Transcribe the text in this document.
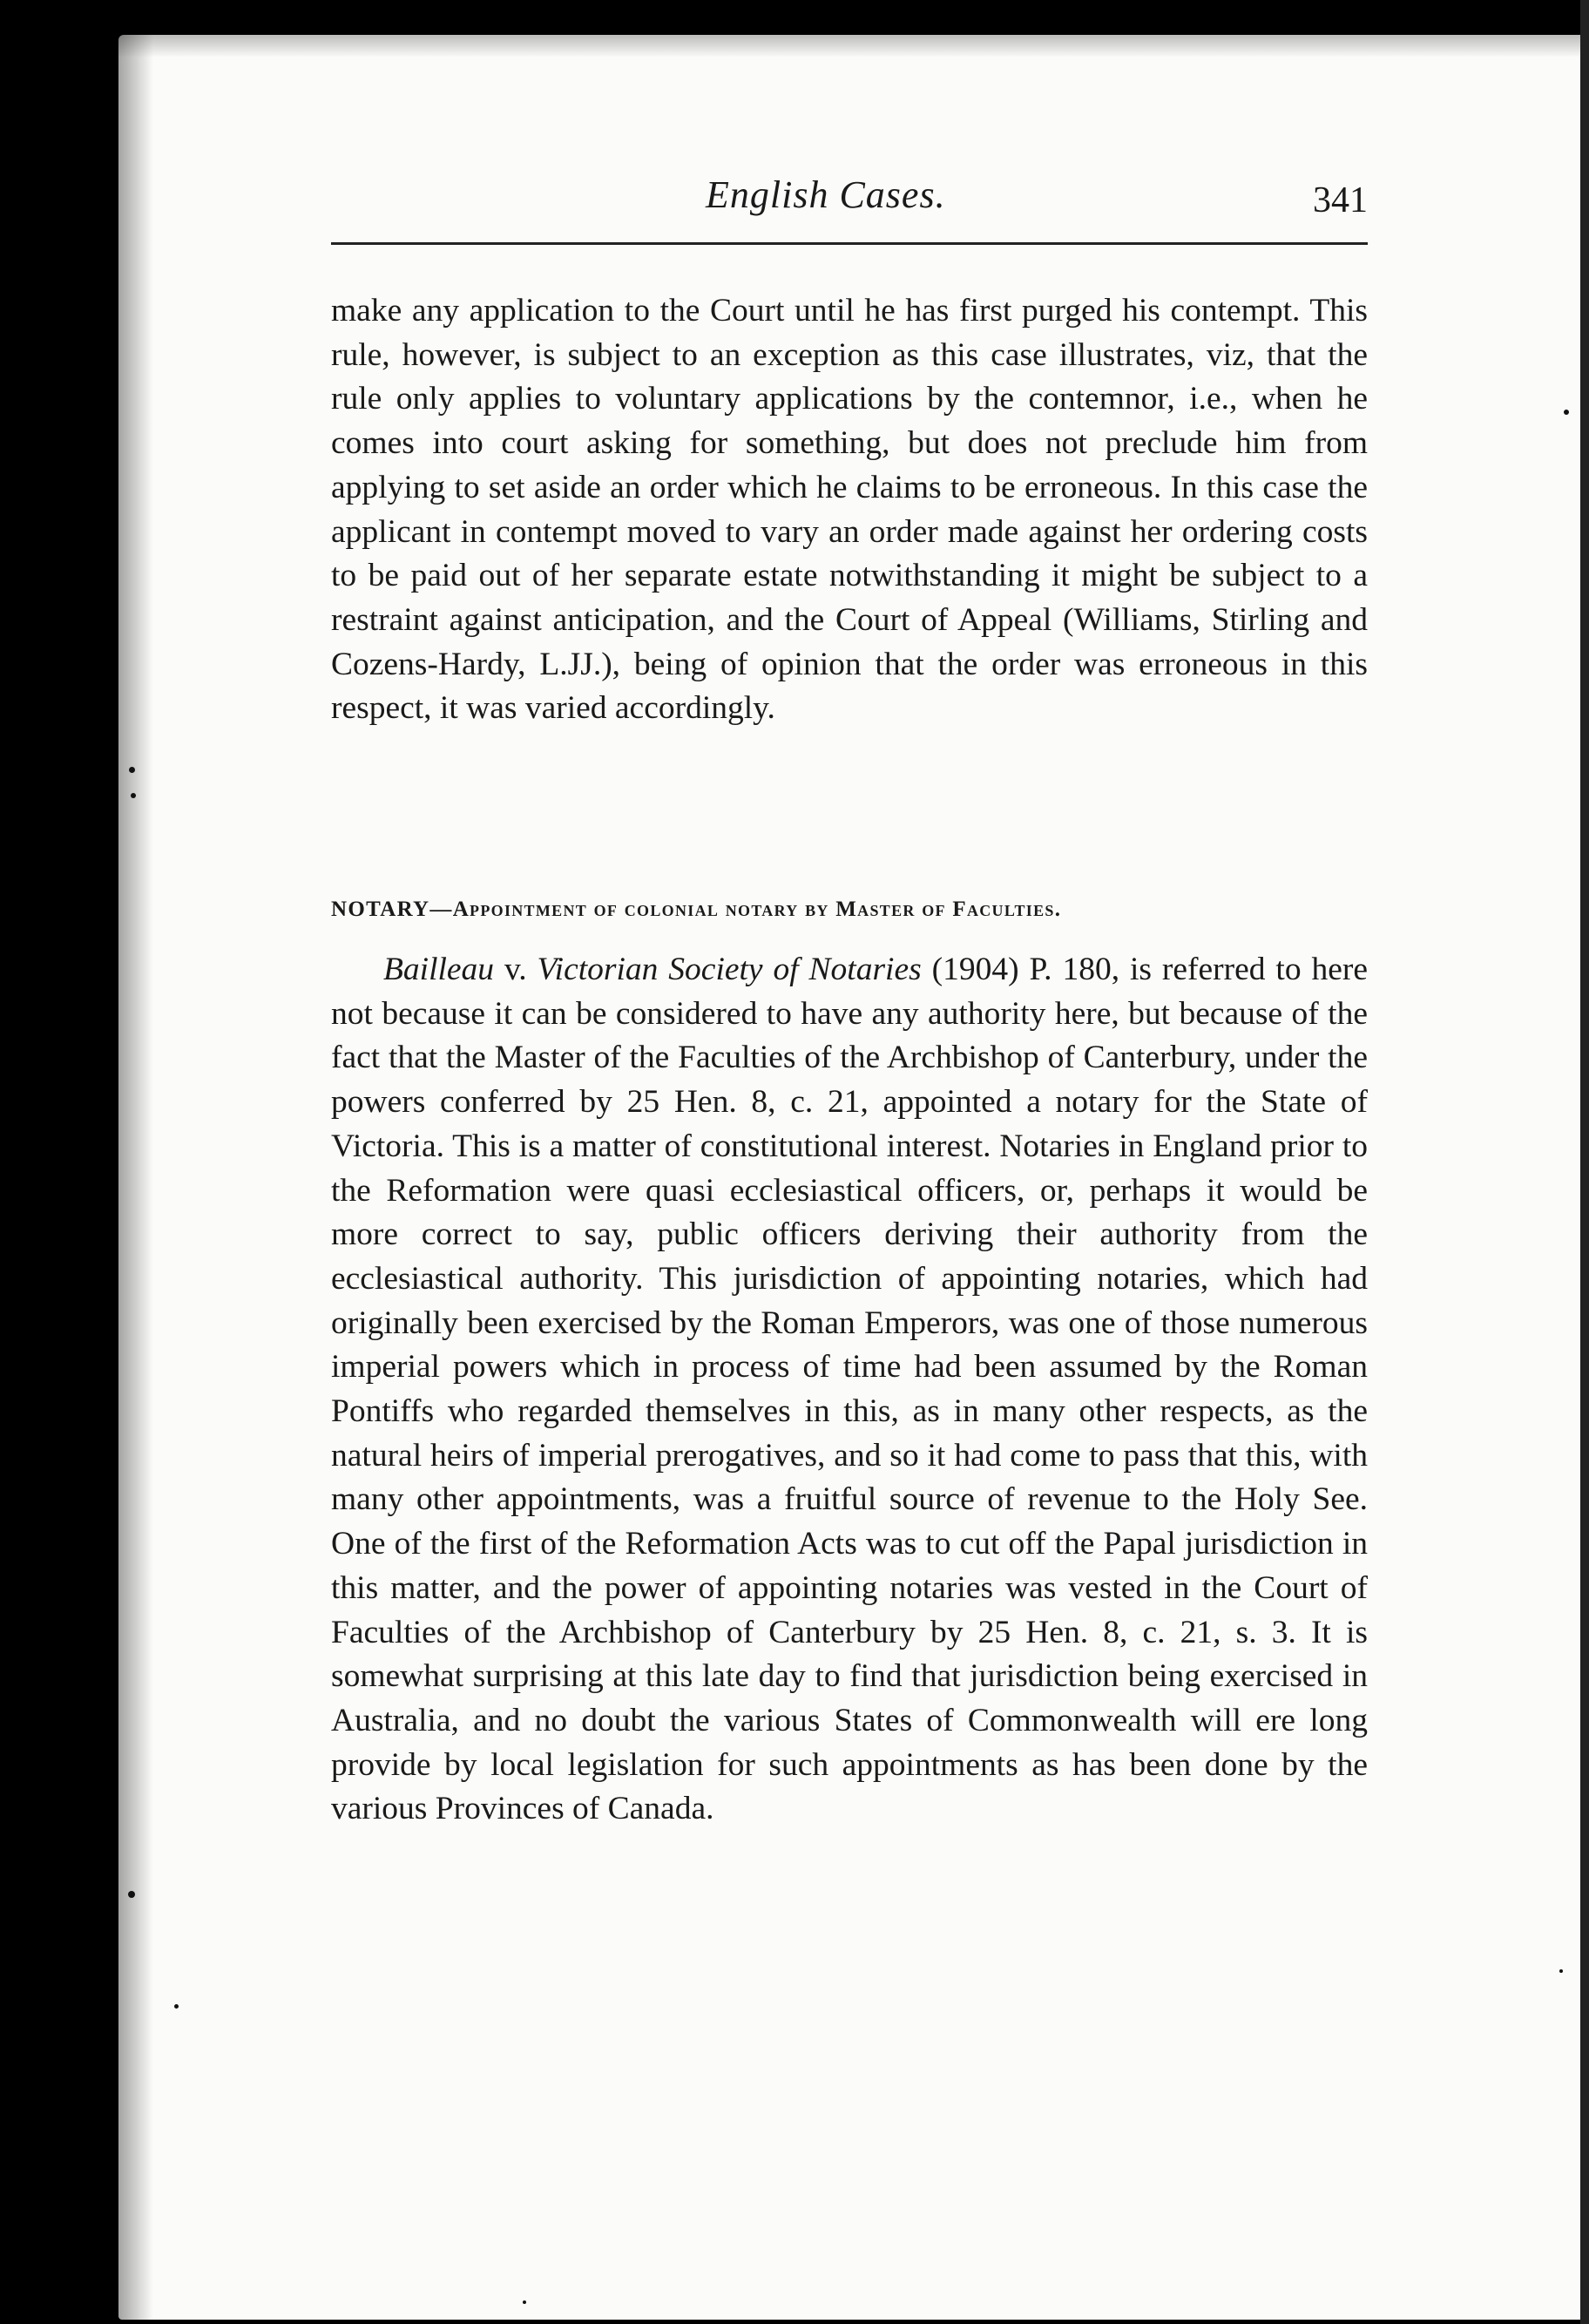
English Cases.	341

make any application to the Court until he has first purged his contempt. This rule, however, is subject to an exception as this case illustrates, viz, that the rule only applies to voluntary applications by the contemnor, i.e., when he comes into court asking for something, but does not preclude him from applying to set aside an order which he claims to be erroneous. In this case the applicant in contempt moved to vary an order made against her ordering costs to be paid out of her separate estate notwithstanding it might be subject to a restraint against anticipation, and the Court of Appeal (Williams, Stirling and Cozens-Hardy, L.JJ.), being of opinion that the order was erroneous in this respect, it was varied accordingly.

NOTARY—Appointment of colonial notary by Master of Faculties.

Bailleau v. Victorian Society of Notaries (1904) P. 180, is referred to here not because it can be considered to have any authority here, but because of the fact that the Master of the Faculties of the Archbishop of Canterbury, under the powers conferred by 25 Hen. 8, c. 21, appointed a notary for the State of Victoria. This is a matter of constitutional interest. Notaries in England prior to the Reformation were quasi ecclesiastical officers, or, perhaps it would be more correct to say, public officers deriving their authority from the ecclesiastical authority. This jurisdiction of appointing notaries, which had originally been exercised by the Roman Emperors, was one of those numerous imperial powers which in process of time had been assumed by the Roman Pontiffs who regarded themselves in this, as in many other respects, as the natural heirs of imperial prerogatives, and so it had come to pass that this, with many other appointments, was a fruitful source of revenue to the Holy See. One of the first of the Reformation Acts was to cut off the Papal jurisdiction in this matter, and the power of appointing notaries was vested in the Court of Faculties of the Archbishop of Canterbury by 25 Hen. 8, c. 21, s. 3. It is somewhat surprising at this late day to find that jurisdiction being exercised in Australia, and no doubt the various States of Commonwealth will ere long provide by local legislation for such appointments as has been done by the various Provinces of Canada.
